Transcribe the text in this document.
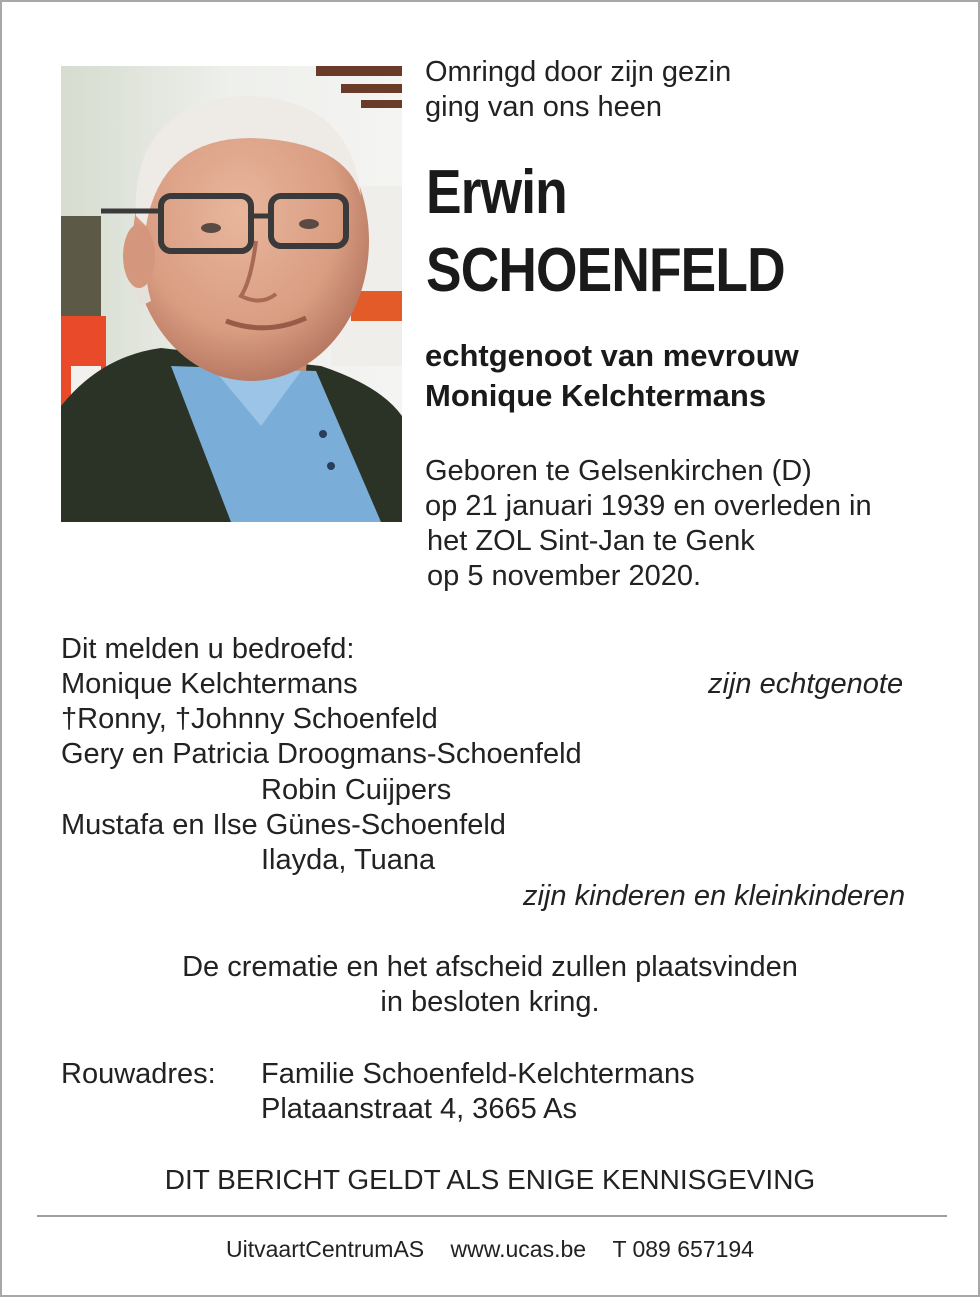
Omringd door zijn gezin
ging van ons heen
Erwin
SCHOENFELD
echtgenoot van mevrouw
Monique Kelchtermans
Geboren te Gelsenkirchen (D)
op 21 januari 1939 en overleden in
het ZOL Sint-Jan te Genk
op 5 november 2020.
Dit melden u bedroefd:
Monique Kelchtermans	zijn echtgenote
†Ronny, †Johnny Schoenfeld
Gery en Patricia Droogmans-Schoenfeld
Robin Cuijpers
Mustafa en Ilse Günes-Schoenfeld
Ilayda, Tuana
zijn kinderen en kleinkinderen
De crematie en het afscheid zullen plaatsvinden
in besloten kring.
Rouwadres: Familie Schoenfeld-Kelchtermans
Plataanstraat 4, 3665 As
DIT BERICHT GELDT ALS ENIGE KENNISGEVING
UitvaartCentrumAS www.ucas.be T 089 657194
